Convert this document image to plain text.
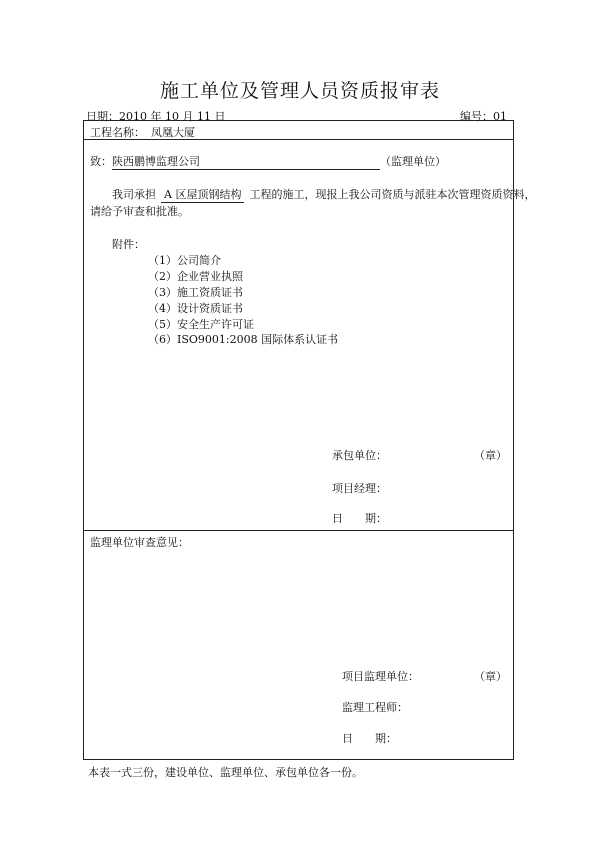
施工单位及管理人员资质报审表
日期：2010 年 10 月 11 日	编号：01
工程名称： 凤凰大厦
致：陕西鹏博监理公司	（监理单位）
我司承担 A 区屋顶钢结构 工程的施工，现报上我公司资质与派驻本次管理资质资料，
请给予审查和批准。
附件：
（1）公司简介
（2）企业营业执照
（3）施工资质证书
（4）设计资质证书
（5）安全生产许可证
（6）ISO9001:2008 国际体系认证书
承包单位：	（章）
项目经理：
日　　期：
监理单位审查意见：
项目监理单位：	（章）
监理工程师：
日　　期：
本表一式三份，建设单位、监理单位、承包单位各一份。
